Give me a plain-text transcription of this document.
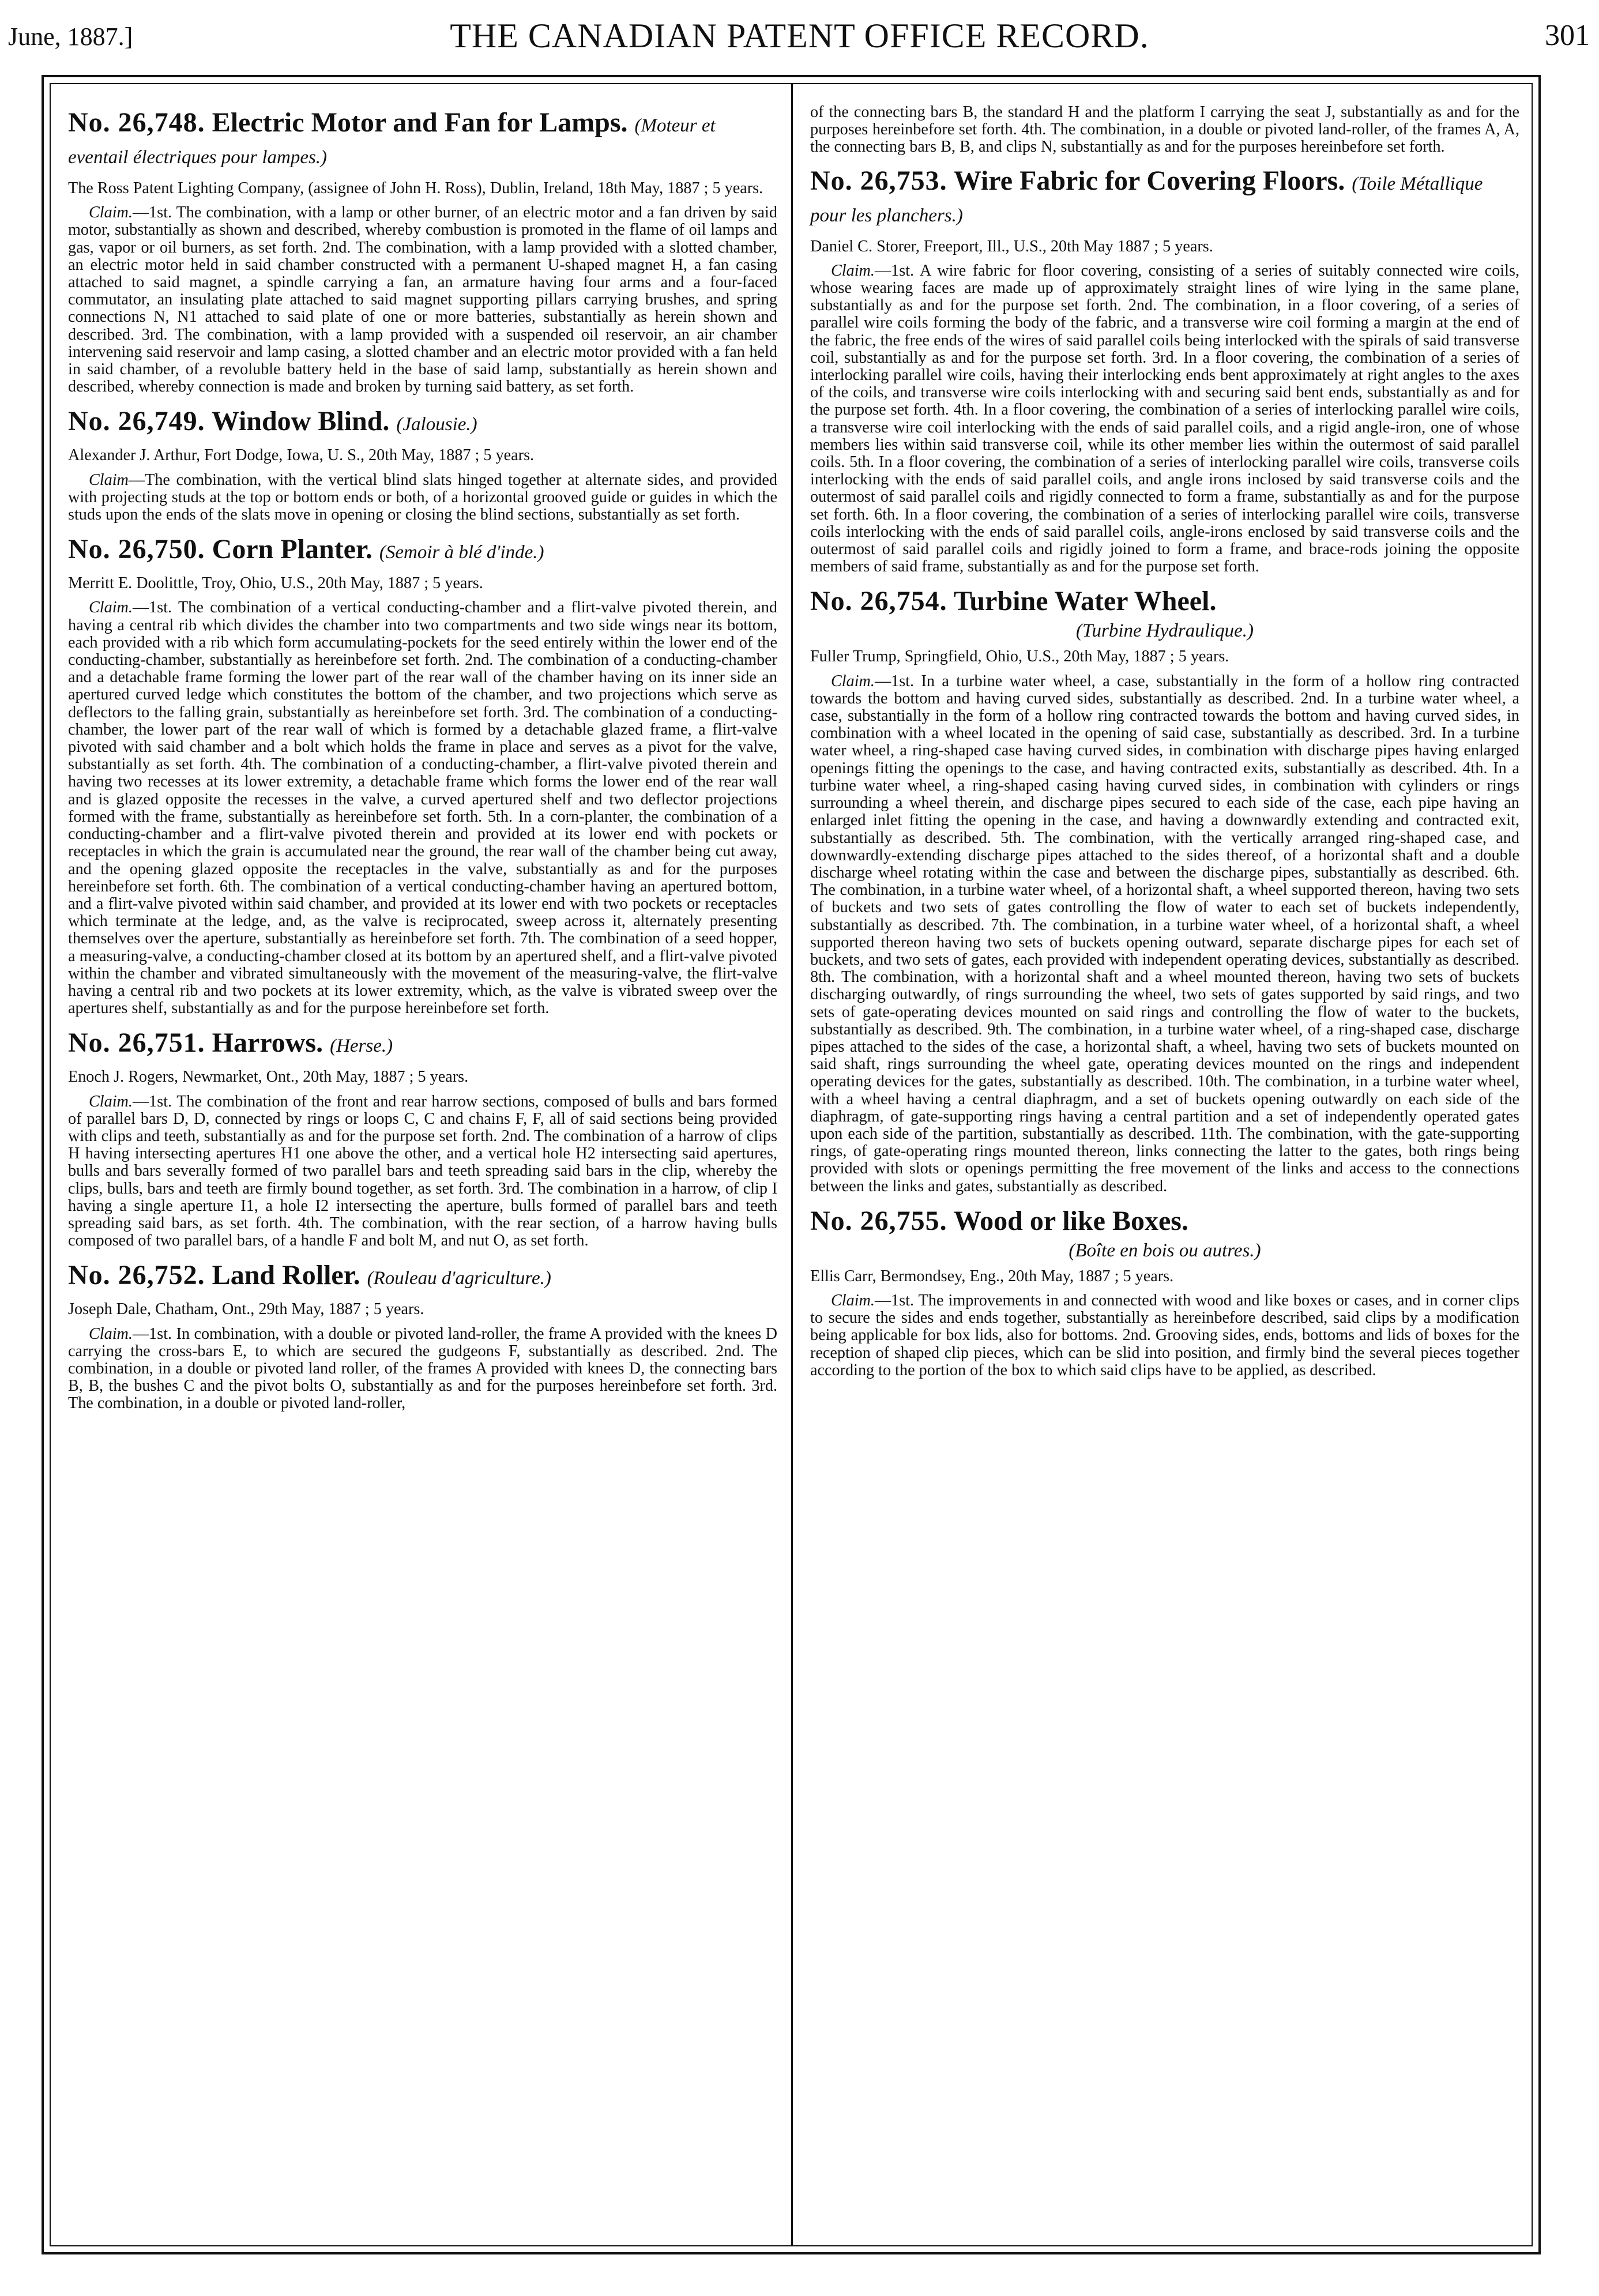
June, 1887.]	THE CANADIAN PATENT OFFICE RECORD.	301
No. 26,748. Electric Motor and Fan for Lamps. (Moteur et eventail électriques pour lampes.)

The Ross Patent Lighting Company, (assignee of John H. Ross), Dublin, Ireland, 18th May, 1887 ; 5 years.

Claim.—1st. The combination, with a lamp or other burner, of an electric motor and a fan driven by said motor, substantially as shown and described, whereby combustion is promoted in the flame of oil lamps and gas, vapor or oil burners, as set forth. 2nd. The combination, with a lamp provided with a slotted chamber, an electric motor held in said chamber constructed with a permanent U-shaped magnet H, a fan casing attached to said magnet, a spindle carrying a fan, an armature having four arms and a four-faced commutator, an insulating plate attached to said magnet supporting pillars carrying brushes, and spring connections N, N1 attached to said plate of one or more batteries, substantially as herein shown and described. 3rd. The combination, with a lamp provided with a suspended oil reservoir, an air chamber intervening said reservoir and lamp casing, a slotted chamber and an electric motor provided with a fan held in said chamber, of a revoluble battery held in the base of said lamp, substantially as herein shown and described, whereby connection is made and broken by turning said battery, as set forth.

No. 26,749. Window Blind. (Jalousie.)

Alexander J. Arthur, Fort Dodge, Iowa, U. S., 20th May, 1887 ; 5 years.

Claim—The combination, with the vertical blind slats hinged together at alternate sides, and provided with projecting studs at the top or bottom ends or both, of a horizontal grooved guide or guides in which the studs upon the ends of the slats move in opening or closing the blind sections, substantially as set forth.

No. 26,750. Corn Planter. (Semoir à blé d'inde.)

Merritt E. Doolittle, Troy, Ohio, U.S., 20th May, 1887 ; 5 years.

Claim.—1st. The combination of a vertical conducting-chamber and a flirt-valve pivoted therein, and having a central rib which divides the chamber into two compartments and two side wings near its bottom, each provided with a rib which form accumulating-pockets for the seed entirely within the lower end of the conducting-chamber, substantially as hereinbefore set forth. 2nd. The combination of a conducting-chamber and a detachable frame forming the lower part of the rear wall of the chamber having on its inner side an apertured curved ledge which constitutes the bottom of the chamber, and two projections which serve as deflectors to the falling grain, substantially as hereinbefore set forth. 3rd. The combination of a conducting-chamber, the lower part of the rear wall of which is formed by a detachable glazed frame, a flirt-valve pivoted with said chamber and a bolt which holds the frame in place and serves as a pivot for the valve, substantially as set forth. 4th. The combination of a conducting-chamber, a flirt-valve pivoted therein and having two recesses at its lower extremity, a detachable frame which forms the lower end of the rear wall and is glazed opposite the recesses in the valve, a curved apertured shelf and two deflector projections formed with the frame, substantially as hereinbefore set forth. 5th. In a corn-planter, the combination of a conducting-chamber and a flirt-valve pivoted therein and provided at its lower end with pockets or receptacles in which the grain is accumulated near the ground, the rear wall of the chamber being cut away, and the opening glazed opposite the receptacles in the valve, substantially as and for the purposes hereinbefore set forth. 6th. The combination of a vertical conducting-chamber having an apertured bottom, and a flirt-valve pivoted within said chamber, and provided at its lower end with two pockets or receptacles which terminate at the ledge, and, as the valve is reciprocated, sweep across it, alternately presenting themselves over the aperture, substantially as hereinbefore set forth. 7th. The combination of a seed hopper, a measuring-valve, a conducting-chamber closed at its bottom by an apertured shelf, and a flirt-valve pivoted within the chamber and vibrated simultaneously with the movement of the measuring-valve, the flirt-valve having a central rib and two pockets at its lower extremity, which, as the valve is vibrated sweep over the apertures shelf, substantially as and for the purpose hereinbefore set forth.

No. 26,751. Harrows. (Herse.)

Enoch J. Rogers, Newmarket, Ont., 20th May, 1887 ; 5 years.

Claim.—1st. The combination of the front and rear harrow sections, composed of bulls and bars formed of parallel bars D, D, connected by rings or loops C, C and chains F, F, all of said sections being provided with clips and teeth, substantially as and for the purpose set forth. 2nd. The combination of a harrow of clips H having intersecting apertures H1 one above the other, and a vertical hole H2 intersecting said apertures, bulls and bars severally formed of two parallel bars and teeth spreading said bars in the clip, whereby the clips, bulls, bars and teeth are firmly bound together, as set forth. 3rd. The combination in a harrow, of clip I having a single aperture I1, a hole I2 intersecting the aperture, bulls formed of parallel bars and teeth spreading said bars, as set forth. 4th. The combination, with the rear section, of a harrow having bulls composed of two parallel bars, of a handle F and bolt M, and nut O, as set forth.

No. 26,752. Land Roller. (Rouleau d'agriculture.)

Joseph Dale, Chatham, Ont., 29th May, 1887 ; 5 years.

Claim.—1st. In combination, with a double or pivoted land-roller, the frame A provided with the knees D carrying the cross-bars E, to which are secured the gudgeons F, substantially as described. 2nd. The combination, in a double or pivoted land roller, of the frames A provided with knees D, the connecting bars B, B, the bushes C and the pivot bolts O, substantially as and for the purposes hereinbefore set forth. 3rd. The combination, in a double or pivoted land-roller,

of the connecting bars B, the standard H and the platform I carrying the seat J, substantially as and for the purposes hereinbefore set forth. 4th. The combination, in a double or pivoted land-roller, of the frames A, A, the connecting bars B, B, and clips N, substantially as and for the purposes hereinbefore set forth.

No. 26,753. Wire Fabric for Covering Floors. (Toile Métallique pour les planchers.)

Daniel C. Storer, Freeport, Ill., U.S., 20th May 1887 ; 5 years.

Claim.—1st. A wire fabric for floor covering, consisting of a series of suitably connected wire coils, whose wearing faces are made up of approximately straight lines of wire lying in the same plane, substantially as and for the purpose set forth. 2nd. The combination, in a floor covering, of a series of parallel wire coils forming the body of the fabric, and a transverse wire coil forming a margin at the end of the fabric, the free ends of the wires of said parallel coils being interlocked with the spirals of said transverse coil, substantially as and for the purpose set forth. 3rd. In a floor covering, the combination of a series of interlocking parallel wire coils, having their interlocking ends bent approximately at right angles to the axes of the coils, and transverse wire coils interlocking with and securing said bent ends, substantially as and for the purpose set forth. 4th. In a floor covering, the combination of a series of interlocking parallel wire coils, a transverse wire coil interlocking with the ends of said parallel coils, and a rigid angle-iron, one of whose members lies within said transverse coil, while its other member lies within the outermost of said parallel coils. 5th. In a floor covering, the combination of a series of interlocking parallel wire coils, transverse coils interlocking with the ends of said parallel coils, and angle irons inclosed by said transverse coils and the outermost of said parallel coils and rigidly connected to form a frame, substantially as and for the purpose set forth. 6th. In a floor covering, the combination of a series of interlocking parallel wire coils, transverse coils interlocking with the ends of said parallel coils, angle-irons enclosed by said transverse coils and the outermost of said parallel coils and rigidly joined to form a frame, and brace-rods joining the opposite members of said frame, substantially as and for the purpose set forth.

No. 26,754. Turbine Water Wheel.
(Turbine Hydraulique.)

Fuller Trump, Springfield, Ohio, U.S., 20th May, 1887 ; 5 years.

Claim.—1st. In a turbine water wheel, a case, substantially in the form of a hollow ring contracted towards the bottom and having curved sides, substantially as described. 2nd. In a turbine water wheel, a case, substantially in the form of a hollow ring contracted towards the bottom and having curved sides, in combination with a wheel located in the opening of said case, substantially as described. 3rd. In a turbine water wheel, a ring-shaped case having curved sides, in combination with discharge pipes having enlarged openings fitting the openings to the case, and having contracted exits, substantially as described. 4th. In a turbine water wheel, a ring-shaped casing having curved sides, in combination with cylinders or rings surrounding a wheel therein, and discharge pipes secured to each side of the case, each pipe having an enlarged inlet fitting the opening in the case, and having a downwardly extending and contracted exit, substantially as described. 5th. The combination, with the vertically arranged ring-shaped case, and downwardly-extending discharge pipes attached to the sides thereof, of a horizontal shaft and a double discharge wheel rotating within the case and between the discharge pipes, substantially as described. 6th. The combination, in a turbine water wheel, of a horizontal shaft, a wheel supported thereon, having two sets of buckets and two sets of gates controlling the flow of water to each set of buckets independently, substantially as described. 7th. The combination, in a turbine water wheel, of a horizontal shaft, a wheel supported thereon having two sets of buckets opening outward, separate discharge pipes for each set of buckets, and two sets of gates, each provided with independent operating devices, substantially as described. 8th. The combination, with a horizontal shaft and a wheel mounted thereon, having two sets of buckets discharging outwardly, of rings surrounding the wheel, two sets of gates supported by said rings, and two sets of gate-operating devices mounted on said rings and controlling the flow of water to the buckets, substantially as described. 9th. The combination, in a turbine water wheel, of a ring-shaped case, discharge pipes attached to the sides of the case, a horizontal shaft, a wheel, having two sets of buckets mounted on said shaft, rings surrounding the wheel gate, operating devices mounted on the rings and independent operating devices for the gates, substantially as described. 10th. The combination, in a turbine water wheel, with a wheel having a central diaphragm, and a set of buckets opening outwardly on each side of the diaphragm, of gate-supporting rings having a central partition and a set of independently operated gates upon each side of the partition, substantially as described. 11th. The combination, with the gate-supporting rings, of gate-operating rings mounted thereon, links connecting the latter to the gates, both rings being provided with slots or openings permitting the free movement of the links and access to the connections between the links and gates, substantially as described.

No. 26,755. Wood or like Boxes.
(Boîte en bois ou autres.)

Ellis Carr, Bermondsey, Eng., 20th May, 1887 ; 5 years.

Claim.—1st. The improvements in and connected with wood and like boxes or cases, and in corner clips to secure the sides and ends together, substantially as hereinbefore described, said clips by a modification being applicable for box lids, also for bottoms. 2nd. Grooving sides, ends, bottoms and lids of boxes for the reception of shaped clip pieces, which can be slid into position, and firmly bind the several pieces together according to the portion of the box to which said clips have to be applied, as described.
